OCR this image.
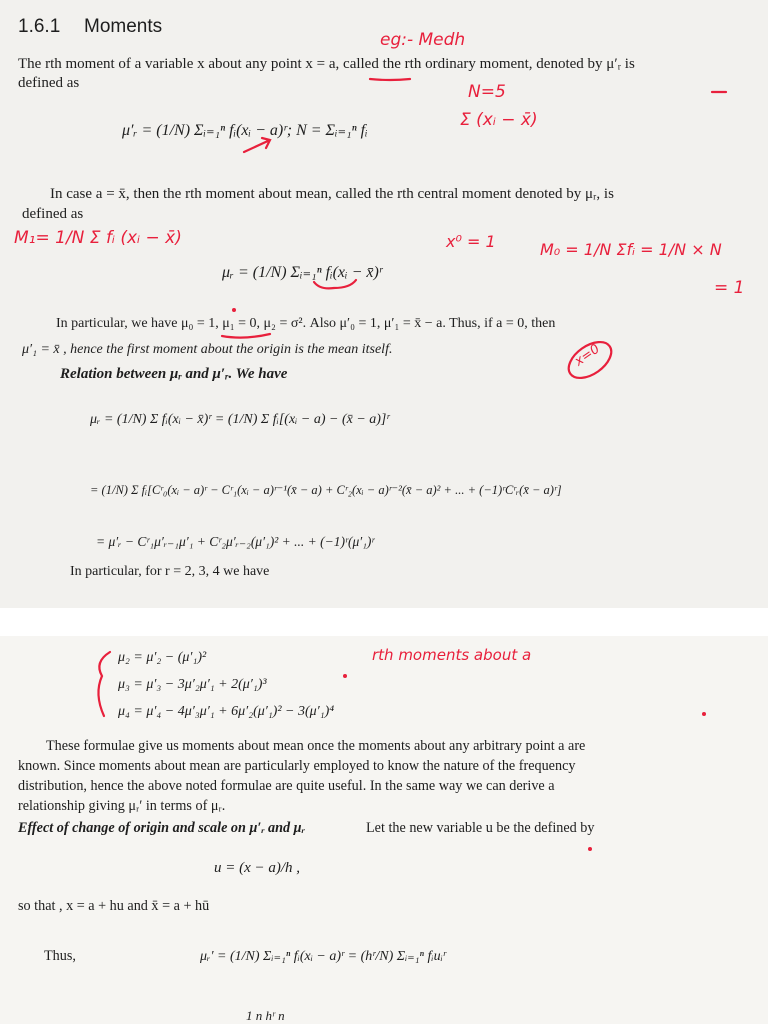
1.6.1 Moments
The rth moment of a variable x about any point x = a, called the rth ordinary moment, denoted by μ′ᵣ is
defined as
μ′ᵣ = (1/N) Σᵢ₌₁ⁿ fᵢ(xᵢ − a)ʳ; N = Σᵢ₌₁ⁿ fᵢ
In case a = x̄, then the rth moment about mean, called the rth central moment denoted by μᵣ, is
defined as
μᵣ = (1/N) Σᵢ₌₁ⁿ fᵢ(xᵢ − x̄)ʳ
In particular, we have μ₀ = 1, μ₁ = 0, μ₂ = σ². Also μ′₀ = 1, μ′₁ = x̄ − a. Thus, if a = 0, then
μ′₁ = x̄ , hence the first moment about the origin is the mean itself.
Relation between μᵣ and μ′ᵣ. We have
μᵣ = (1/N) Σ fᵢ(xᵢ − x̄)ʳ = (1/N) Σ fᵢ[(xᵢ − a) − (x̄ − a)]ʳ
= (1/N) Σ fᵢ[Cʳ₀(xᵢ − a)ʳ − Cʳ₁(xᵢ − a)ʳ⁻¹(x̄ − a) + Cʳ₂(xᵢ − a)ʳ⁻²(x̄ − a)² + ... + (−1)ʳCʳᵣ(x̄ − a)ʳ]
= μ′ᵣ − Cʳ₁μ′ᵣ₋₁μ′₁ + Cʳ₂μ′ᵣ₋₂(μ′₁)² + ... + (−1)ʳ(μ′₁)ʳ
In particular, for r = 2, 3, 4 we have
μ₂ = μ′₂ − (μ′₁)²
μ₃ = μ′₃ − 3μ′₂μ′₁ + 2(μ′₁)³
μ₄ = μ′₄ − 4μ′₃μ′₁ + 6μ′₂(μ′₁)² − 3(μ′₁)⁴
These formulae give us moments about mean once the moments about any arbitrary point a are
known. Since moments about mean are particularly employed to know the nature of the frequency
distribution, hence the above noted formulae are quite useful. In the same way we can derive a
relationship giving μᵣ′ in terms of μᵣ.
Effect of change of origin and scale on μ′ᵣ and μᵣ	Let the new variable u be the defined by
u = (x − a)/h ,
so that , x = a + hu and x̄ = a + hū
Thus,	μᵣ′ = (1/N) Σᵢ₌₁ⁿ fᵢ(xᵢ − a)ʳ = (hʳ/N) Σᵢ₌₁ⁿ fᵢuᵢʳ
1 n hʳ n
eg:- Medh
N=5
Σ (xᵢ − x̄)
M₁= 1/N Σ fᵢ (xᵢ − x̄)	x⁰ = 1	M₀ = 1/N Σfᵢ = 1/N × N
= 1
x=0
rth moments about a
